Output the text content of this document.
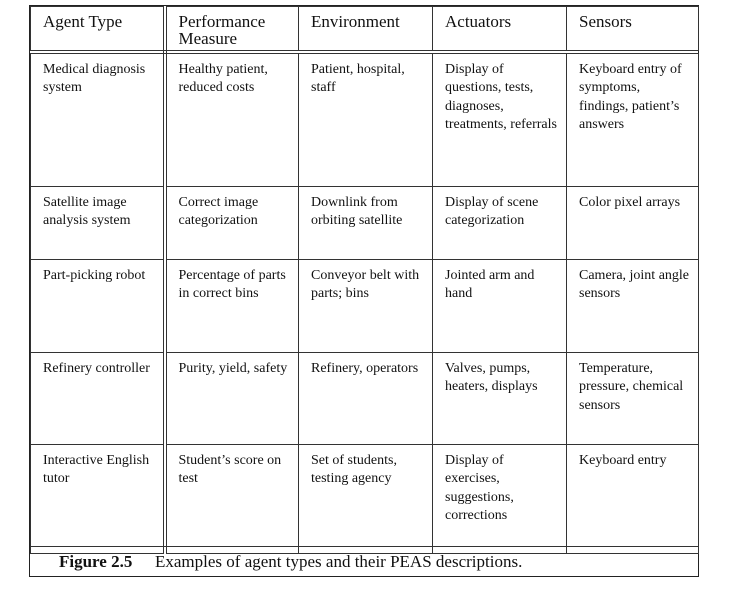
Agent Type	Performance Measure	Environment	Actuators	Sensors
Medical diagnosis system	Healthy patient, reduced costs	Patient, hospital, staff	Display of questions, tests, diagnoses, treatments, referrals	Keyboard entry of symptoms, findings, patient’s answers
Satellite image analysis system	Correct image categorization	Downlink from orbiting satellite	Display of scene categorization	Color pixel arrays
Part-picking robot	Percentage of parts in correct bins	Conveyor belt with parts; bins	Jointed arm and hand	Camera, joint angle sensors
Refinery controller	Purity, yield, safety	Refinery, operators	Valves, pumps, heaters, displays	Temperature, pressure, chemical sensors
Interactive English tutor	Student’s score on test	Set of students, testing agency	Display of exercises, suggestions, corrections	Keyboard entry
Figure 2.5 Examples of agent types and their PEAS descriptions.
